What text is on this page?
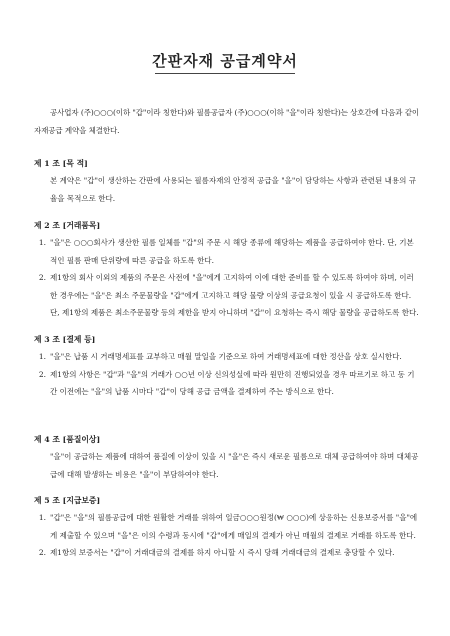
간판자재 공급계약서
공사업자 (주)○○○(이하 "갑"이라 칭한다)와 필름공급자 (주)○○○(이하 "을"이라 칭한다)는 상호간에 다음과 같이 자재공급 계약을 체결한다.
제 1 조 [목 적]
본 계약은 "갑"이 생산하는 간판에 사용되는 필름자재의 안정적 공급을 "을"이 담당하는 사항과 관련된 내용의 규율을 목적으로 한다.
제 2 조 [거래품목]
1. "을"은 ○○○회사가 생산한 필름 일체를 "갑"의 주문 시 해당 종류에 해당하는 제품을 공급하여야 한다. 단, 기본적인 필름 판매 단위량에 따른 공급을 하도록 한다.
2. 제1항의 회사 이외의 제품의 주문은 사전에 "을"에게 고지하여 이에 대한 준비를 할 수 있도록 하여야 하며, 이러한 경우에는 "을"은 최소 주문물량을 "갑"에게 고지하고 해당 물량 이상의 공급요청이 있을 시 공급하도록 한다. 단, 제1항의 제품은 최소주문물량 등의 제한을 받지 아니하며 "갑"이 요청하는 즉시 해당 물량을 공급하도록 한다.
제 3 조 [결제 등]
1. "을"은 납품 시 거래명세표를 교부하고 매월 말일을 기준으로 하여 거래명세표에 대한 정산을 상호 실시한다.
2. 제1항의 사항은 "갑"과 "을"의 거래가 ○○년 이상 신의성실에 따라 원만히 진행되었을 경우 따르기로 하고 동 기간 이전에는 "을"의 납품 시마다 "갑"이 당해 공급 금액을 결제하여 주는 방식으로 한다.
제 4 조 [품질이상]
"을"이 공급하는 제품에 대하여 품질에 이상이 있을 시 "을"은 즉시 새로운 필름으로 대체 공급하여야 하며 대체공급에 대해 발생하는 비용은 "을"이 부담하여야 한다.
제 5 조 [지급보증]
1. "갑"은 "을"의 필름공급에 대한 원활한 거래를 위하여 일금○○○원정(₩ ○○○)에 상응하는 신용보증서를 "을"에게 제출할 수 있으며 "을"은 이의 수령과 동시에 "갑"에게 매일의 결제가 아닌 매월의 결제로 거래를 하도록 한다.
2. 제1항의 보증서는 "갑"이 거래대금의 결제를 하지 아니할 시 즉시 당해 거래대금의 결제로 충당할 수 있다.
